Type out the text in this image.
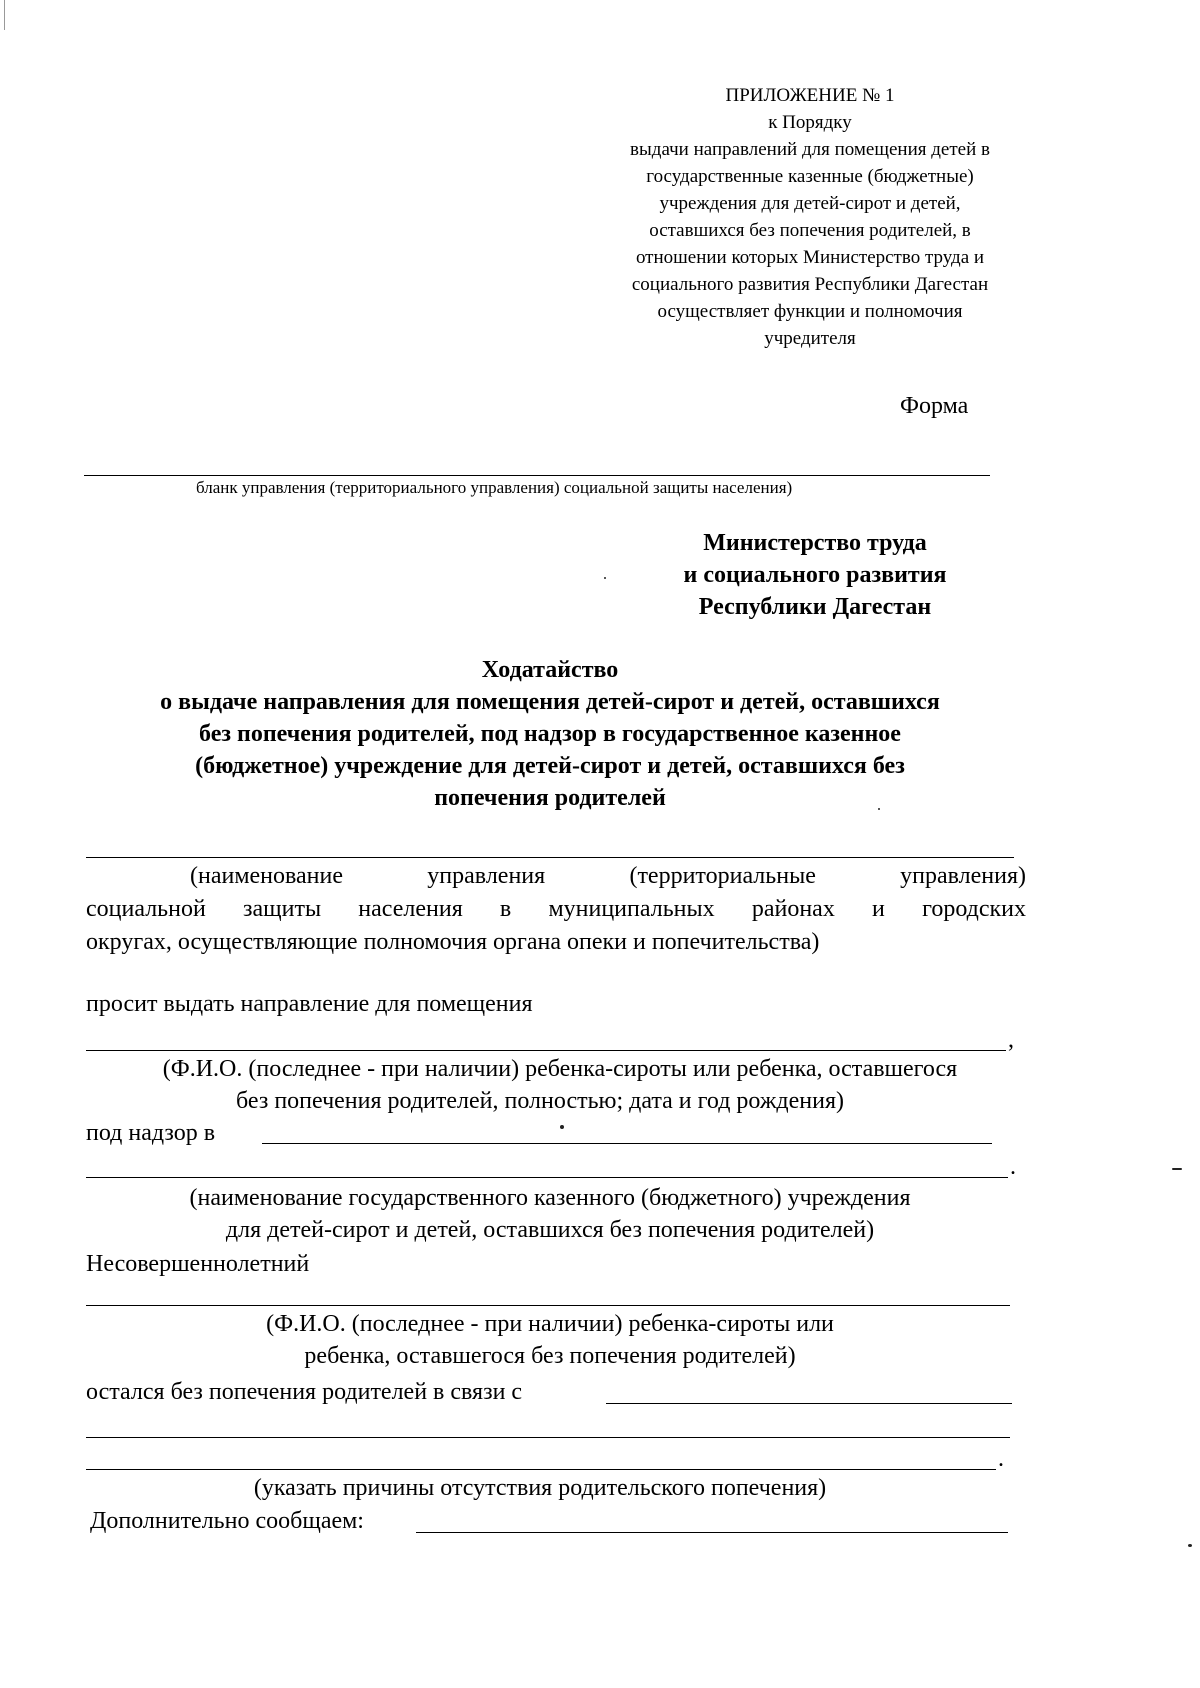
ПРИЛОЖЕНИЕ № 1
к Порядку
выдачи направлений для помещения детей в
государственные казенные (бюджетные)
учреждения для детей-сирот и детей,
оставшихся без попечения родителей, в
отношении которых Министерство труда и
социального развития Республики Дагестан
осуществляет функции и полномочия
учредителя
Форма
бланк управления (территориального управления) социальной защиты населения)
Министерство труда
и социального развития
Республики Дагестан
Ходатайство
о выдаче направления для помещения детей-сирот и детей, оставшихся
без попечения родителей, под надзор в государственное казенное
(бюджетное) учреждение для детей-сирот и детей, оставшихся без
попечения родителей
(наименование управления (территориальные управления)
социальной защиты населения в муниципальных районах и городских
округах, осуществляющие полномочия органа опеки и попечительства)
просит выдать направление для помещения
,
(Ф.И.О. (последнее - при наличии) ребенка-сироты или ребенка, оставшегося
без попечения родителей, полностью; дата и год рождения)
под надзор в
.
(наименование государственного казенного (бюджетного) учреждения
для детей-сирот и детей, оставшихся без попечения родителей)
Несовершеннолетний
(Ф.И.О. (последнее - при наличии) ребенка-сироты или
ребенка, оставшегося без попечения родителей)
остался без попечения родителей в связи с
.
(указать причины отсутствия родительского попечения)
Дополнительно сообщаем:
